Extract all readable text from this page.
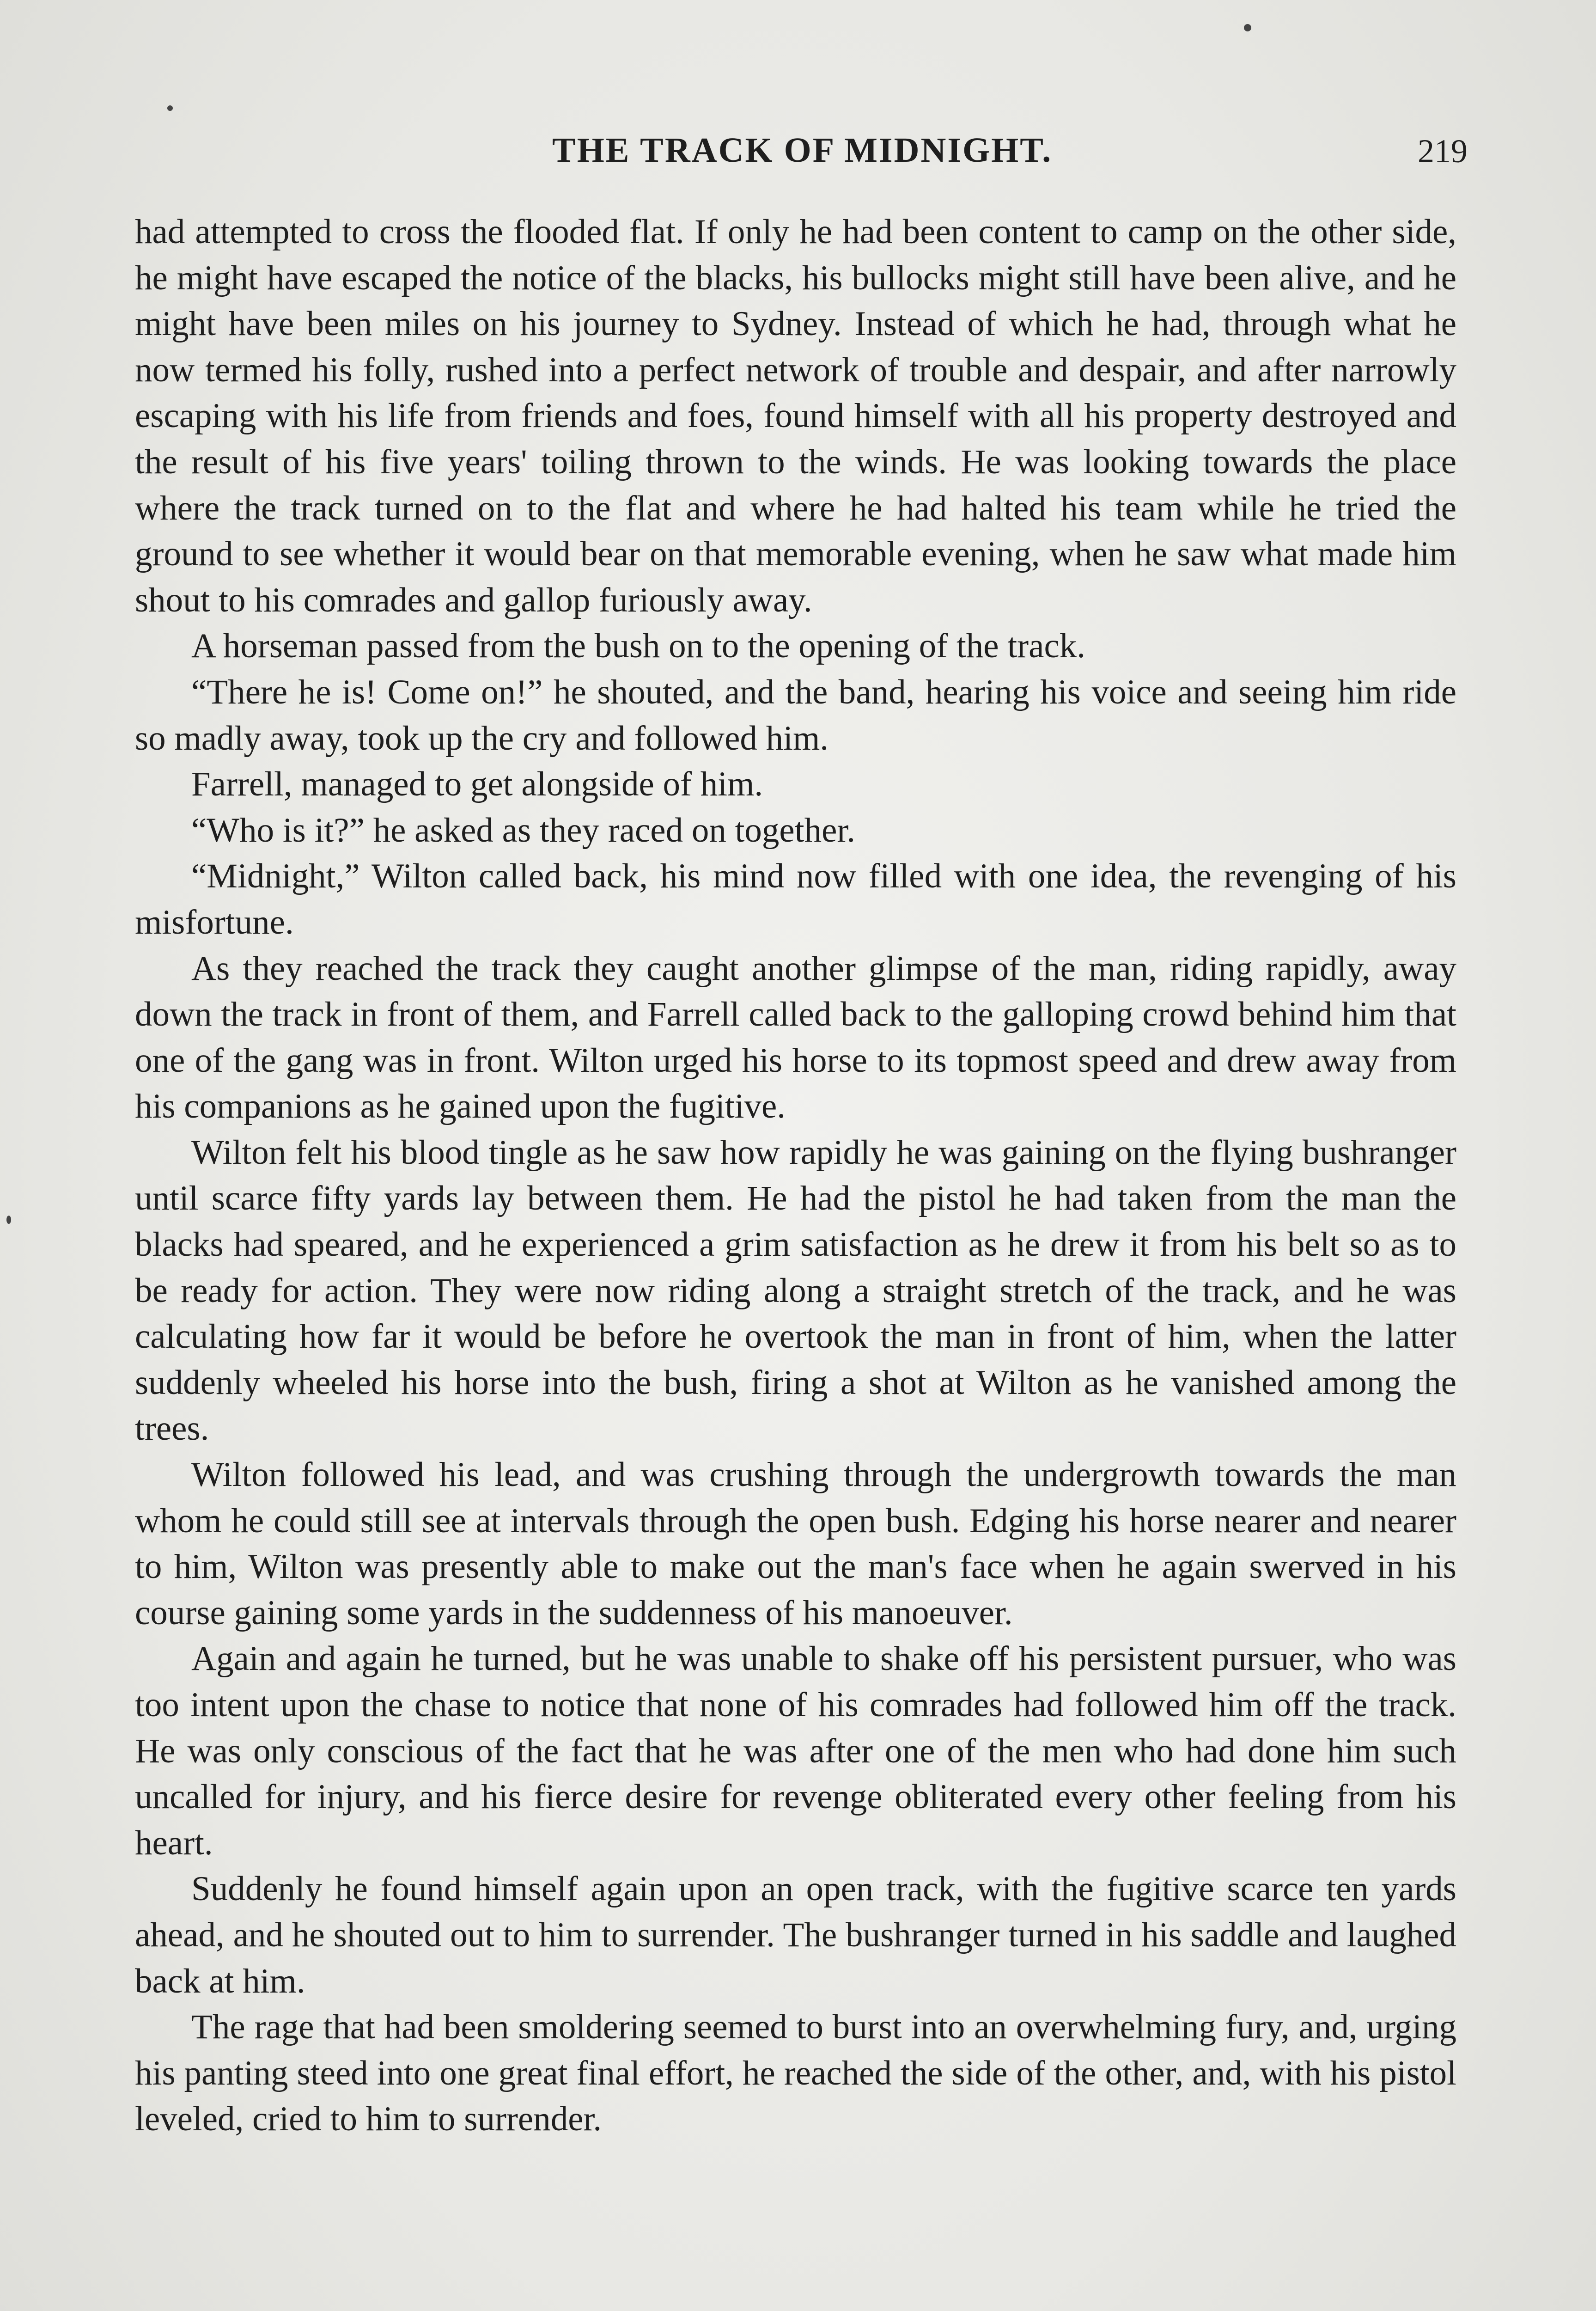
THE TRACK OF MIDNIGHT.	219

had attempted to cross the flooded flat. If only he had been content to camp on the other side, he might have escaped the notice of the blacks, his bullocks might still have been alive, and he might have been miles on his journey to Sydney. Instead of which he had, through what he now termed his folly, rushed into a perfect network of trouble and despair, and after narrowly escaping with his life from friends and foes, found himself with all his property destroyed and the result of his five years' toiling thrown to the winds. He was looking towards the place where the track turned on to the flat and where he had halted his team while he tried the ground to see whether it would bear on that memorable evening, when he saw what made him shout to his comrades and gallop furiously away.

A horseman passed from the bush on to the opening of the track.

“There he is! Come on!” he shouted, and the band, hearing his voice and seeing him ride so madly away, took up the cry and followed him.

Farrell, managed to get alongside of him.

“Who is it?” he asked as they raced on together.

“Midnight,” Wilton called back, his mind now filled with one idea, the revenging of his misfortune.

As they reached the track they caught another glimpse of the man, riding rapidly, away down the track in front of them, and Farrell called back to the galloping crowd behind him that one of the gang was in front. Wilton urged his horse to its topmost speed and drew away from his companions as he gained upon the fugitive.

Wilton felt his blood tingle as he saw how rapidly he was gaining on the flying bushranger until scarce fifty yards lay between them. He had the pistol he had taken from the man the blacks had speared, and he experienced a grim satisfaction as he drew it from his belt so as to be ready for action. They were now riding along a straight stretch of the track, and he was calculating how far it would be before he overtook the man in front of him, when the latter suddenly wheeled his horse into the bush, firing a shot at Wilton as he vanished among the trees.

Wilton followed his lead, and was crushing through the undergrowth towards the man whom he could still see at intervals through the open bush. Edging his horse nearer and nearer to him, Wilton was presently able to make out the man's face when he again swerved in his course gaining some yards in the suddenness of his manoeuver.

Again and again he turned, but he was unable to shake off his persistent pursuer, who was too intent upon the chase to notice that none of his comrades had followed him off the track. He was only conscious of the fact that he was after one of the men who had done him such uncalled for injury, and his fierce desire for revenge obliterated every other feeling from his heart.

Suddenly he found himself again upon an open track, with the fugitive scarce ten yards ahead, and he shouted out to him to surrender. The bushranger turned in his saddle and laughed back at him.

The rage that had been smoldering seemed to burst into an overwhelming fury, and, urging his panting steed into one great final effort, he reached the side of the other, and, with his pistol leveled, cried to him to surrender.
